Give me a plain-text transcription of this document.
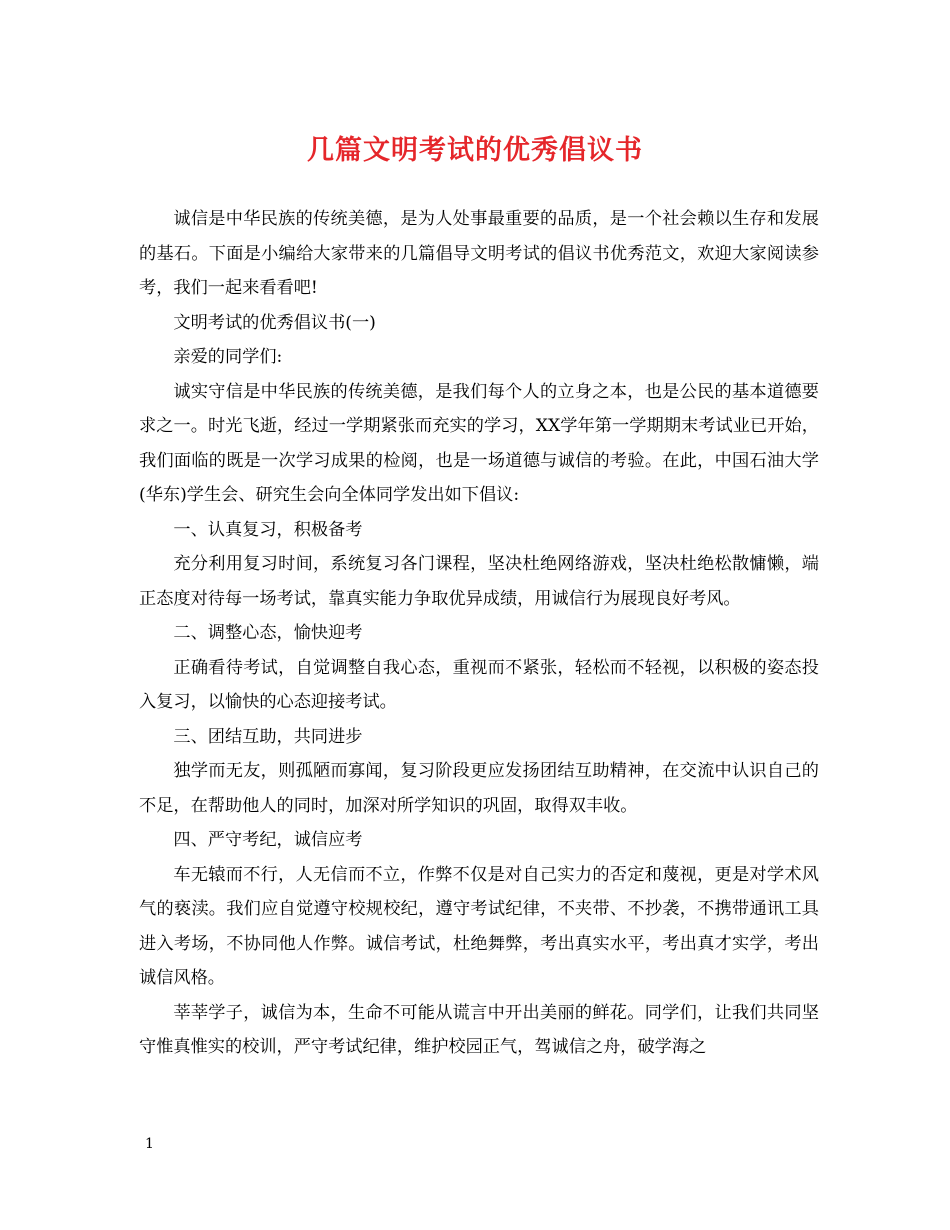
几篇文明考试的优秀倡议书

诚信是中华民族的传统美德，是为人处事最重要的品质，是一个社会赖以生存和发展的基石。下面是小编给大家带来的几篇倡导文明考试的倡议书优秀范文，欢迎大家阅读参考，我们一起来看看吧!

文明考试的优秀倡议书(一)

亲爱的同学们:

诚实守信是中华民族的传统美德，是我们每个人的立身之本，也是公民的基本道德要求之一。时光飞逝，经过一学期紧张而充实的学习，XX学年第一学期期末考试业已开始，我们面临的既是一次学习成果的检阅，也是一场道德与诚信的考验。在此，中国石油大学(华东)学生会、研究生会向全体同学发出如下倡议:

一、认真复习，积极备考

充分利用复习时间，系统复习各门课程，坚决杜绝网络游戏，坚决杜绝松散慵懒，端正态度对待每一场考试，靠真实能力争取优异成绩，用诚信行为展现良好考风。

二、调整心态，愉快迎考

正确看待考试，自觉调整自我心态，重视而不紧张，轻松而不轻视，以积极的姿态投入复习，以愉快的心态迎接考试。

三、团结互助，共同进步

独学而无友，则孤陋而寡闻，复习阶段更应发扬团结互助精神，在交流中认识自己的不足，在帮助他人的同时，加深对所学知识的巩固，取得双丰收。

四、严守考纪，诚信应考

车无辕而不行，人无信而不立，作弊不仅是对自己实力的否定和蔑视，更是对学术风气的亵渎。我们应自觉遵守校规校纪，遵守考试纪律，不夹带、不抄袭，不携带通讯工具进入考场，不协同他人作弊。诚信考试，杜绝舞弊，考出真实水平，考出真才实学，考出诚信风格。

莘莘学子，诚信为本，生命不可能从谎言中开出美丽的鲜花。同学们，让我们共同坚守惟真惟实的校训，严守考试纪律，维护校园正气，驾诚信之舟，破学海之

1
